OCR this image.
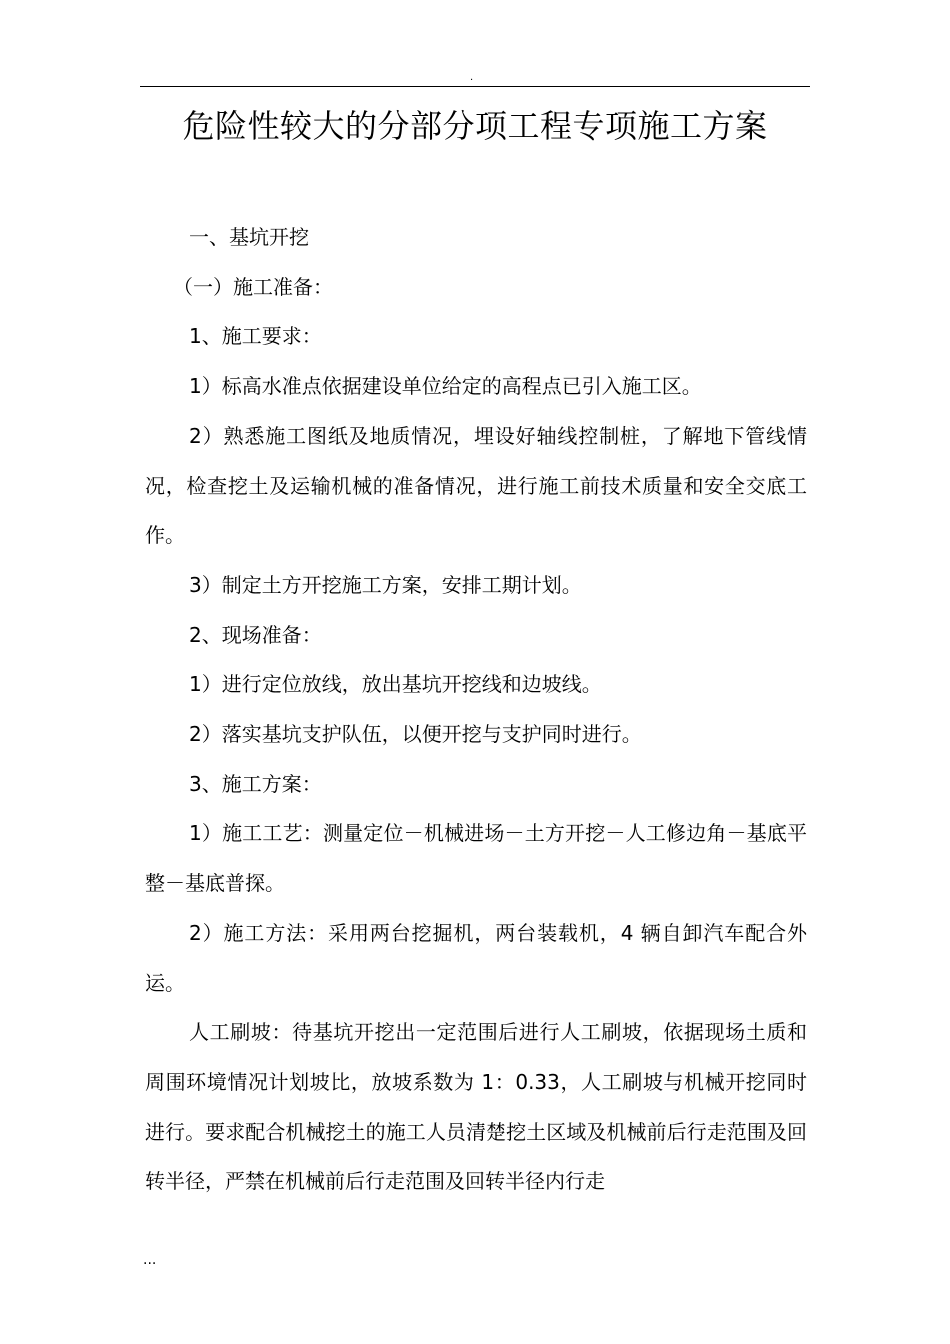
.
危险性较大的分部分项工程专项施工方案

一、基坑开挖

（一）施工准备：

1、施工要求：

1）标高水准点依据建设单位给定的高程点已引入施工区。

2）熟悉施工图纸及地质情况，埋设好轴线控制桩，了解地下管线情况，检查挖土及运输机械的准备情况，进行施工前技术质量和安全交底工作。

3）制定土方开挖施工方案，安排工期计划。

2、现场准备：

1）进行定位放线，放出基坑开挖线和边坡线。

2）落实基坑支护队伍，以便开挖与支护同时进行。

3、施工方案：

1）施工工艺：测量定位－机械进场－土方开挖－人工修边角－基底平整－基底普探。

2）施工方法：采用两台挖掘机，两台装载机，4 辆自卸汽车配合外运。

人工刷坡：待基坑开挖出一定范围后进行人工刷坡，依据现场土质和周围环境情况计划坡比，放坡系数为 1：0.33，人工刷坡与机械开挖同时进行。要求配合机械挖土的施工人员清楚挖土区域及机械前后行走范围及回转半径，严禁在机械前后行走范围及回转半径内行走

...
